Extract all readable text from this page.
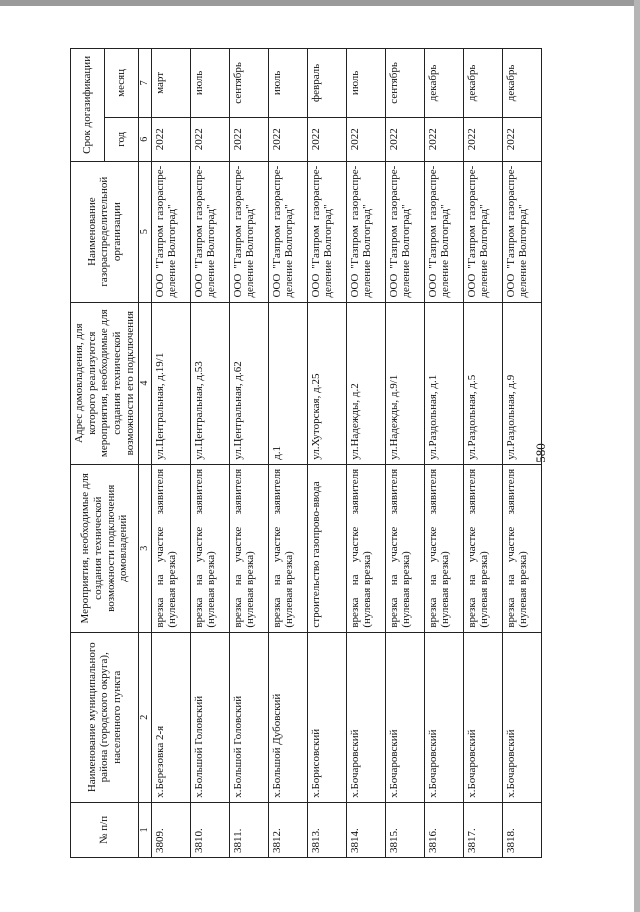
580
№ п/п	Наименование муниципального района (городского округа), населенного пункта	Мероприятия, необходимые для создания технической возможности подключения домовладений	Адрес домовладения, для которого реализуются мероприятия, необходимые для создания технической возможности его подключения	Наименование газораспределительной организации	Срок догазификации	
					год	месяц
1	2	3	4	5	6	7
3809.	х.Березовка 2-я	врезка на участке заявителя (нулевая врезка)	ул.Центральная, д.19/1	ООО "Газпром газораспре-деление Волгоград"	2022	март
3810.	х.Большой Головский	врезка на участке заявителя (нулевая врезка)	ул.Центральная, д.53	ООО "Газпром газораспре-деление Волгоград"	2022	июль
3811.	х.Большой Головский	врезка на участке заявителя (нулевая врезка)	ул.Центральная, д.62	ООО "Газпром газораспре-деление Волгоград"	2022	сентябрь
3812.	х.Большой Дубовский	врезка на участке заявителя (нулевая врезка)	д.1	ООО "Газпром газораспре-деление Волгоград"	2022	июль
3813.	х.Борисовский	строительство газопрово-ввода	ул.Хуторская, д.25	ООО "Газпром газораспре-деление Волгоград"	2022	февраль
3814.	х.Бочаровский	врезка на участке заявителя (нулевая врезка)	ул.Надежды, д.2	ООО "Газпром газораспре-деление Волгоград"	2022	июль
3815.	х.Бочаровский	врезка на участке заявителя (нулевая врезка)	ул.Надежды, д.9/1	ООО "Газпром газораспре-деление Волгоград"	2022	сентябрь
3816.	х.Бочаровский	врезка на участке заявителя (нулевая врезка)	ул.Раздольная, д.1	ООО "Газпром газораспре-деление Волгоград"	2022	декабрь
3817.	х.Бочаровский	врезка на участке заявителя (нулевая врезка)	ул.Раздольная, д.5	ООО "Газпром газораспре-деление Волгоград"	2022	декабрь
3818.	х.Бочаровский	врезка на участке заявителя (нулевая врезка)	ул.Раздольная, д.9	ООО "Газпром газораспре-деление Волгоград"	2022	декабрь
